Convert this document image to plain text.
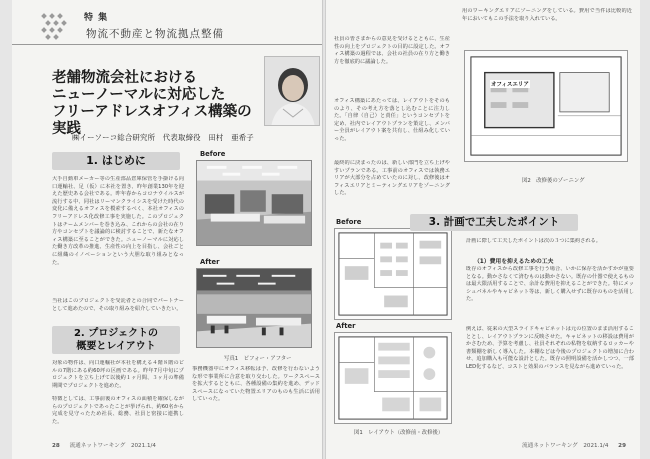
特 集
物流不動産と物流拠点整備
老舗物流会社における
ニューノーマルに対応した
フリーアドレスオフィス構築の実践
㈱イーソーコ総合研究所　代表取締役　田村　亜希子
1. はじめに
大手自動車メーカー等の生産部品倉庫保管を手掛ける向口運輸社、足（仮）に本社を置き、昨年創業130年を迎えた歴史ある会社である。昨年春からコロナウイルスが流行する中、同社はリーマンクライシスを受けた時代の変化に備えるオフィスを模索するべく、本社オフィスのフリーアドレス化改修工事を実施した。このプロジェクトはチームメンバーを巻き込み、これからの会社の在り方やコンセプトを議論的に検討することで、新たなオフィス構築に至ることができた。ニューノーマルに対応した働き方改革の推進、生産性の向上を目指し、会社ごとに組織のイノベーションという大胆な取り組みとなった。
当社はこのプロジェクトを受託者との合同でパートナーとして進めたので、その取り組みを紹介していきたい。
2. プロジェクトの
概要とレイアウト
対象の物件は、向口運輸社が本社を構える４階８階のビルの7階にある約60坪の区画である。昨年7月中旬にプロジェクトを立ち上げて以後約１ヶ月間、３ヶ月の準備期間でプロジェクトを進めた。
特徴としては、工事前後のオフィスの面積を確保しながらのプロジェクトであったことが挙げられ、約60名から完成を見守ったため社長、総務、社員と密接に連携した。
Before
After
写真1　ビフォー・アフター
事務機器中にオフィス移転は予、改修を行わないような形で事業所に合意を取り交わした。ワークスペースを拡大するとともに、各種設備の集約を進め、デッドスペースになっていた物置エリアのものも生活に活用していった。
28 流通ネットワーキング　2021.1/4
社員の皆さまからの意見を受けるとともに、生産性の向上をプロジェクトの目的に設定した。オフィス構築の過程では、会社の社員の在り方と働き方を徹底的に議論した。
オフィス構築にあたっては、レイアウトをそのものより、その考え方を落とし込むことに注力した。「自律（自己）と責任」というコンセプトを定め、社内でレイアウトプランを策定し、メンバー全員がレイアウト案を共有し、仕組み化していった。
最終的に決まったのは、新しい部門を立ち上げやすいプランである。工事前のオフィスでは執務エリアが大部分を占めていたのに対し、改修後はオフィスエリアとミーティングエリアをゾーニングした。
Before
After
図1　レイアウト（改修前・改修後）
用のワーキングエリアにゾーニングをしている。費用で当件は比較的近年においてもこの手法を取り入れている。
オフィスエリア
図2　改修後のゾーニング
3. 計画で工夫したポイント
計画に際して工夫したポイントは次の３つに集約される。
（1）費用を抑えるための工夫
既存のオフィスから改修工事を行う場合、いかに保存を活かすかが重要となる。動かさなくて済むものは動かさない。既存の什器で使えるものは最大限活用することで、余計な費用を抑えることができた。特にメッシュパネルやキャビネット等は、新しく購入せずに既存のものを活用した。
例えば、従来の大型スライドキャビネットは元の位置のまま活用することとし、レイアウトプランに反映させた。キャビネットの移設は費用がかさむため、予算を考慮し、社員それぞれの私物を収納するロッカーや書類棚を新しく導入した。本棚などは今後のプロジェクトの増加に合わせ、追加購入も可能な設計とした。既存の照明設備を活かしつつ、一部LED化するなど、コストと効果のバランスを見ながら進めていった。
流通ネットワーキング　2021.1/4 29
